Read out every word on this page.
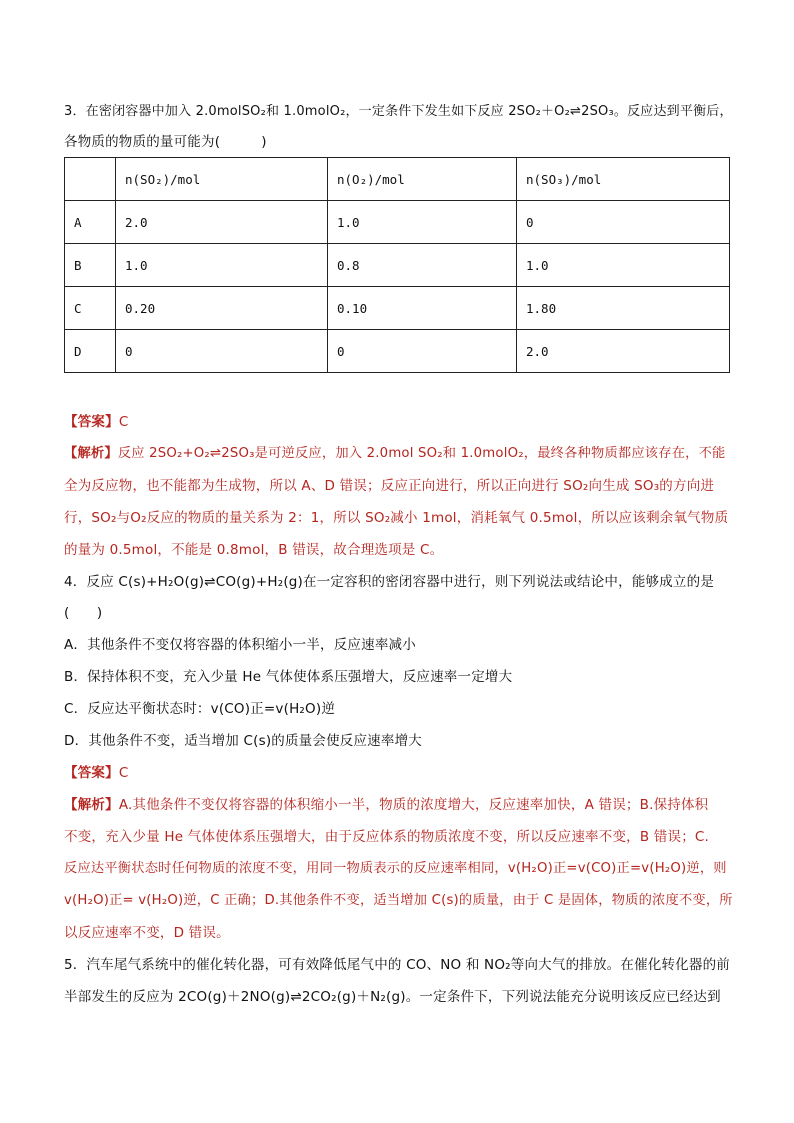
3．在密闭容器中加入 2.0molSO₂和 1.0molO₂，一定条件下发生如下反应 2SO₂＋O₂⇌2SO₃。反应达到平衡后，
各物质的物质的量可能为(　　　)
	n(SO₂)/mol	n(O₂)/mol	n(SO₃)/mol
A	2.0	1.0	0
B	1.0	0.8	1.0
C	0.20	0.10	1.80
D	0	0	2.0
【答案】C
【解析】反应 2SO₂+O₂⇌2SO₃是可逆反应，加入 2.0mol SO₂和 1.0molO₂，最终各种物质都应该存在，不能
全为反应物，也不能都为生成物，所以 A、D 错误；反应正向进行，所以正向进行 SO₂向生成 SO₃的方向进
行，SO₂与O₂反应的物质的量关系为 2：1，所以 SO₂减小 1mol，消耗氧气 0.5mol，所以应该剩余氧气物质
的量为 0.5mol，不能是 0.8mol，B 错误，故合理选项是 C。
4．反应 C(s)+H₂O(g)⇌CO(g)+H₂(g)在一定容积的密闭容器中进行，则下列说法或结论中，能够成立的是
(　　)
A．其他条件不变仅将容器的体积缩小一半，反应速率减小
B．保持体积不变，充入少量 He 气体使体系压强增大，反应速率一定增大
C．反应达平衡状态时：v(CO)正=v(H₂O)逆
D．其他条件不变，适当增加 C(s)的质量会使反应速率增大
【答案】C
【解析】A.其他条件不变仅将容器的体积缩小一半，物质的浓度增大，反应速率加快，A 错误；B.保持体积
不变，充入少量 He 气体使体系压强增大，由于反应体系的物质浓度不变，所以反应速率不变，B 错误；C.
反应达平衡状态时任何物质的浓度不变，用同一物质表示的反应速率相同，v(H₂O)正=v(CO)正=v(H₂O)逆，则
v(H₂O)正= v(H₂O)逆，C 正确；D.其他条件不变，适当增加 C(s)的质量，由于 C 是固体，物质的浓度不变，所
以反应速率不变，D 错误。
5．汽车尾气系统中的催化转化器，可有效降低尾气中的 CO、NO 和 NO₂等向大气的排放。在催化转化器的前
半部发生的反应为 2CO(g)＋2NO(g)⇌2CO₂(g)＋N₂(g)。一定条件下，下列说法能充分说明该反应已经达到
